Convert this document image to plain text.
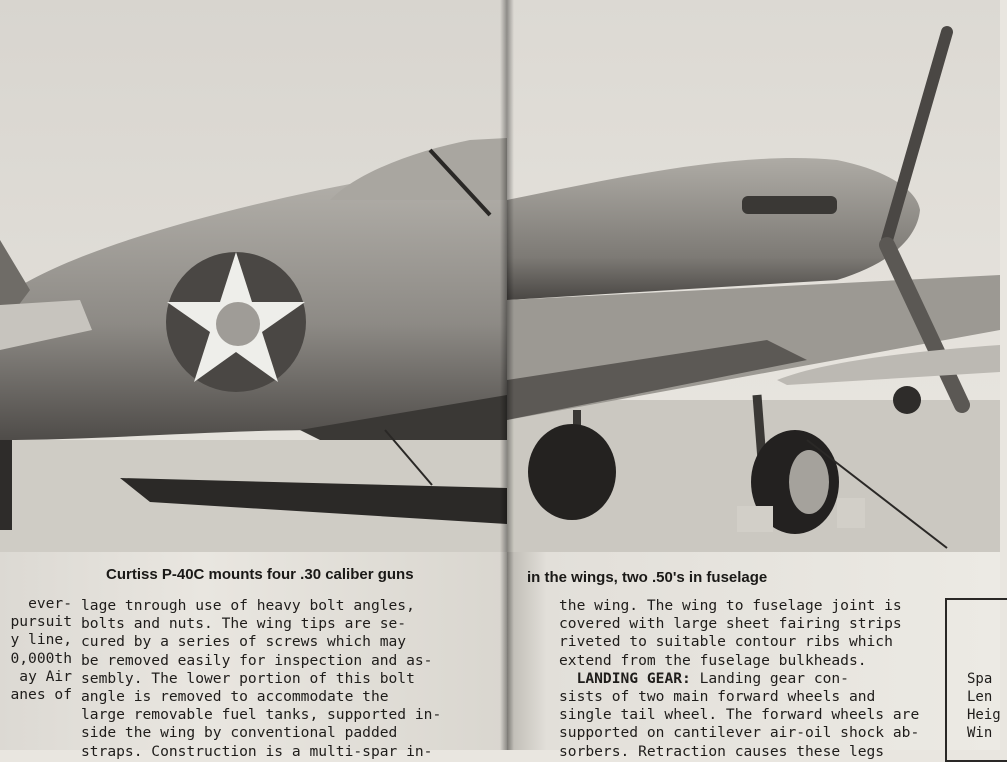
Curtiss P-40C mounts four .30 caliber guns
ever-
pursuit
y line,
0,000th
ay Air
anes of
lage tnrough use of heavy bolt angles,
bolts and nuts. The wing tips are se-
cured by a series of screws which may
be removed easily for inspection and as-
sembly. The lower portion of this bolt
angle is removed to accommodate the
large removable fuel tanks, supported in-
side the wing by conventional padded
straps. Construction is a multi-spar in-
in the wings, two .50's in fuselage
the wing. The wing to fuselage joint is
covered with large sheet fairing strips
riveted to suitable contour ribs which
extend from the fuselage bulkheads.
LANDING GEAR: Landing gear con-
sists of two main forward wheels and
single tail wheel. The forward wheels are
supported on cantilever air-oil shock ab-
sorbers. Retraction causes these legs
Spa
Len
Heig
Win
